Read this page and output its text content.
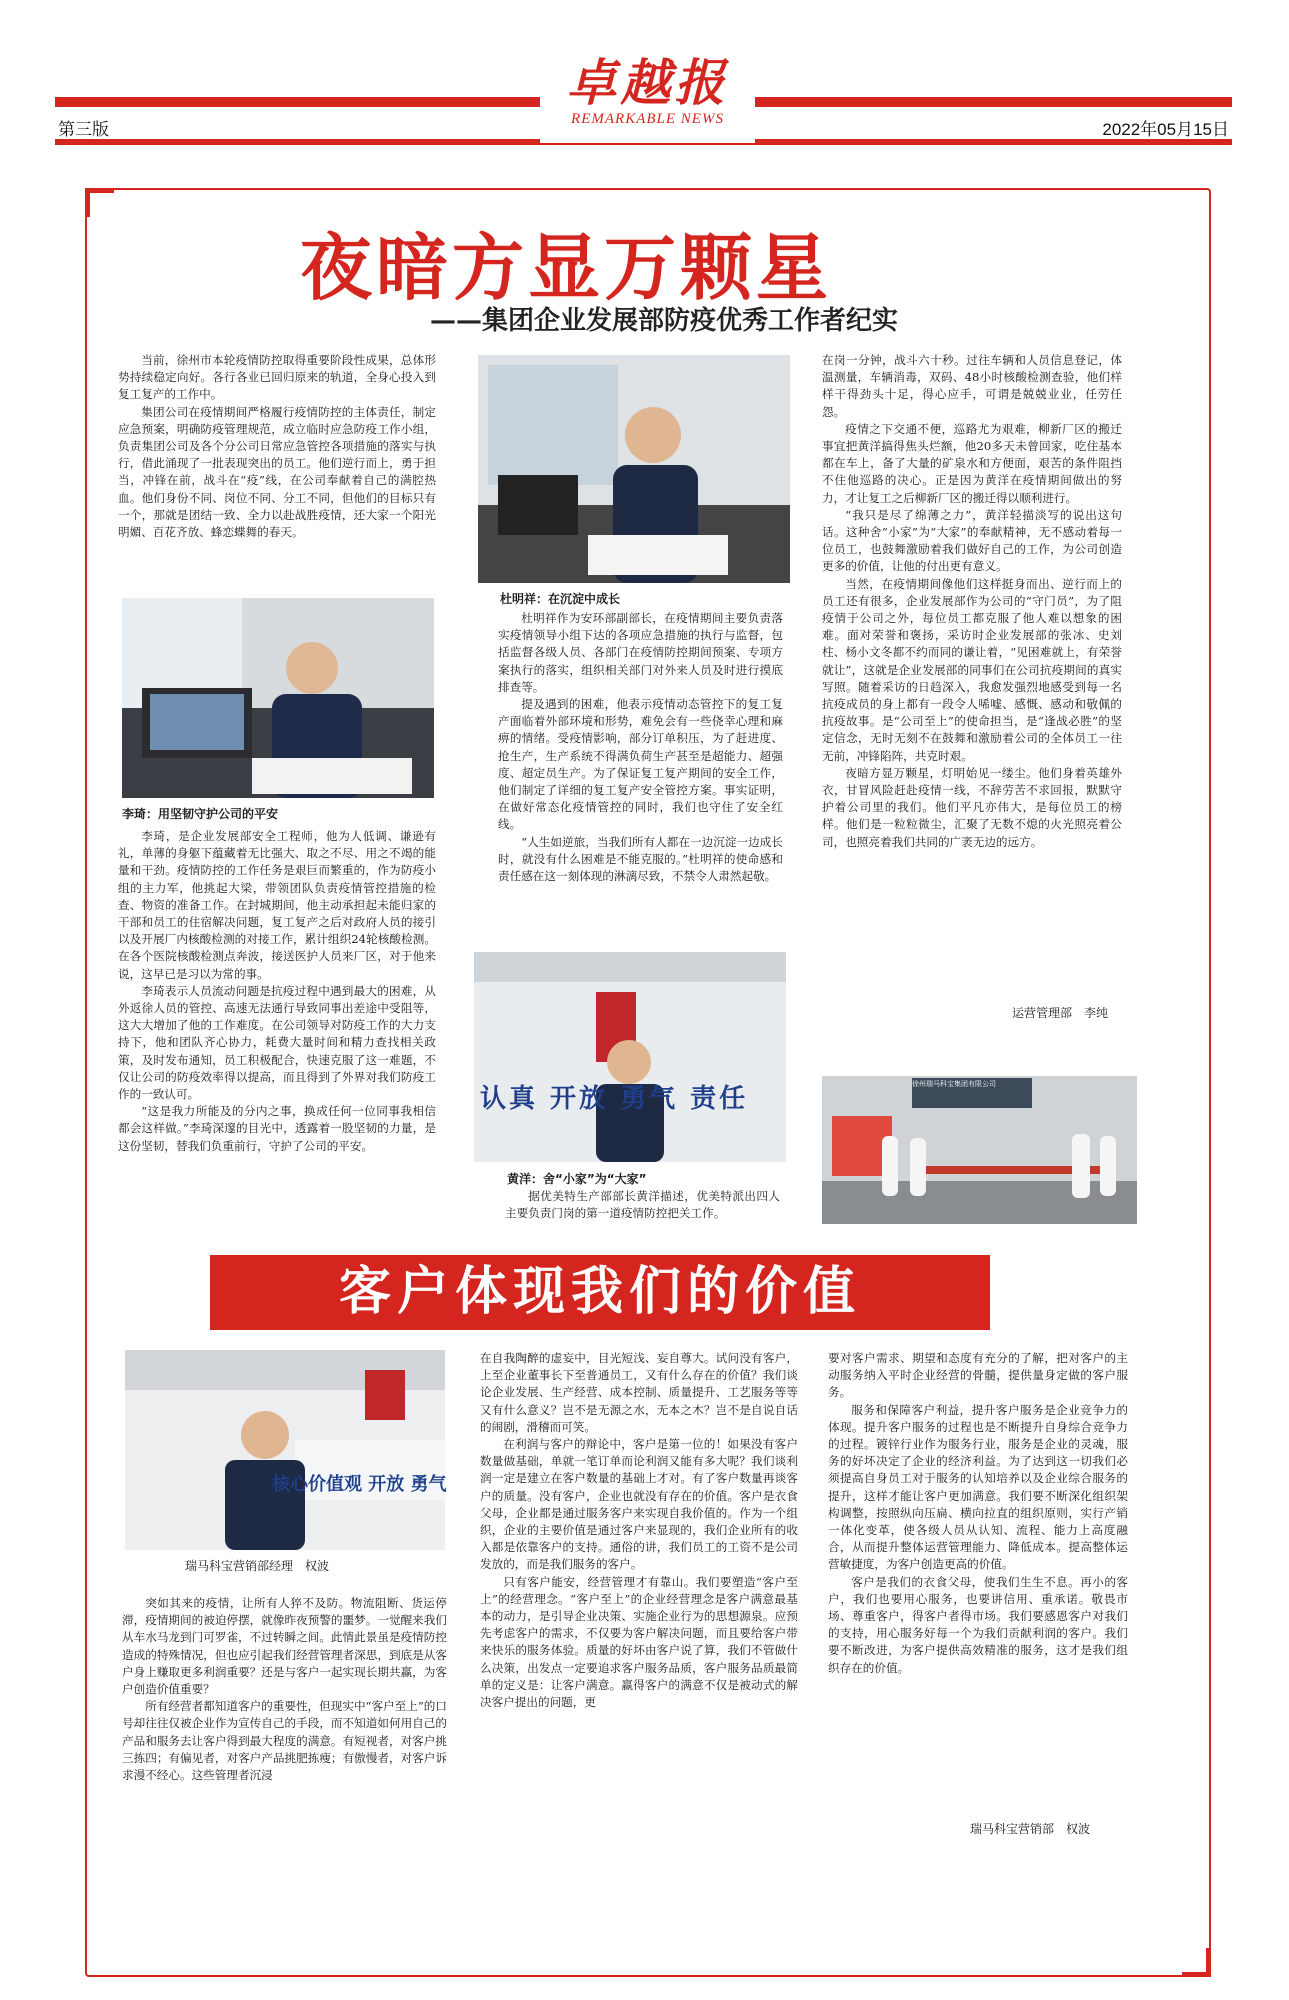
卓越报
REMARKABLE NEWS
第三版	2022年05月15日
夜暗方显万颗星
——集团企业发展部防疫优秀工作者纪实

当前，徐州市本轮疫情防控取得重要阶段性成果，总体形势持续稳定向好。各行各业已回归原来的轨道，全身心投入到复工复产的工作中。

集团公司在疫情期间严格履行疫情防控的主体责任，制定应急预案，明确防疫管理规范，成立临时应急防疫工作小组，负责集团公司及各个分公司日常应急管控各项措施的落实与执行，借此涌现了一批表现突出的员工。他们逆行而上，勇于担当，冲锋在前，战斗在“疫”线，在公司奉献着自己的满腔热血。他们身份不同、岗位不同、分工不同，但他们的目标只有一个，那就是团结一致、全力以赴战胜疫情，还大家一个阳光明媚、百花齐放、蜂恋蝶舞的春天。

李琦：用坚韧守护公司的平安

李琦，是企业发展部安全工程师，他为人低调、谦逊有礼，单薄的身躯下蕴藏着无比强大、取之不尽、用之不竭的能量和干劲。疫情防控的工作任务是艰巨而繁重的，作为防疫小组的主力军，他挑起大梁，带领团队负责疫情管控措施的检查、物资的准备工作。在封城期间，他主动承担起未能归家的干部和员工的住宿解决问题，复工复产之后对政府人员的接引以及开展厂内核酸检测的对接工作，累计组织24轮核酸检测。在各个医院核酸检测点奔波，接送医护人员来厂区，对于他来说，这早已是习以为常的事。

李琦表示人员流动问题是抗疫过程中遇到最大的困难，从外返徐人员的管控、高速无法通行导致同事出差途中受阻等，这大大增加了他的工作难度。在公司领导对防疫工作的大力支持下，他和团队齐心协力，耗费大量时间和精力查找相关政策，及时发布通知，员工积极配合，快速克服了这一难题，不仅让公司的防疫效率得以提高，而且得到了外界对我们防疫工作的一致认可。

“这是我力所能及的分内之事，换成任何一位同事我相信都会这样做。”李琦深邃的目光中，透露着一股坚韧的力量，是这份坚韧，替我们负重前行，守护了公司的平安。

杜明祥：在沉淀中成长

杜明祥作为安环部副部长，在疫情期间主要负责落实疫情领导小组下达的各项应急措施的执行与监督，包括监督各级人员、各部门在疫情防控期间预案、专项方案执行的落实，组织相关部门对外来人员及时进行摸底排查等。

提及遇到的困难，他表示疫情动态管控下的复工复产面临着外部环境和形势，难免会有一些侥幸心理和麻痹的情绪。受疫情影响，部分订单积压，为了赶进度、抢生产，生产系统不得满负荷生产甚至是超能力、超强度、超定员生产。为了保证复工复产期间的安全工作，他们制定了详细的复工复产安全管控方案。事实证明，在做好常态化疫情管控的同时，我们也守住了安全红线。

“人生如逆旅，当我们所有人都在一边沉淀一边成长时，就没有什么困难是不能克服的。”杜明祥的使命感和责任感在这一刻体现的淋漓尽致，不禁令人肃然起敬。

认真 开放 勇气 责任
黄洋：舍“小家”为“大家”

据优美特生产部部长黄洋描述，优美特派出四人主要负责门岗的第一道疫情防控把关工作。

在岗一分钟，战斗六十秒。过往车辆和人员信息登记，体温测量，车辆消毒，双码、48小时核酸检测查验，他们样样干得劲头十足，得心应手，可谓是兢兢业业，任劳任怨。

疫情之下交通不便，巡路尤为艰难，柳新厂区的搬迁事宜把黄洋搞得焦头烂额，他20多天未曾回家，吃住基本都在车上，备了大量的矿泉水和方便面，艰苦的条件阻挡不住他巡路的决心。正是因为黄洋在疫情期间做出的努力，才让复工之后柳新厂区的搬迁得以顺利进行。

“我只是尽了绵薄之力”，黄洋轻描淡写的说出这句话。这种舍“小家”为“大家”的奉献精神，无不感动着每一位员工，也鼓舞激励着我们做好自己的工作，为公司创造更多的价值，让他的付出更有意义。

当然，在疫情期间像他们这样挺身而出、逆行而上的员工还有很多，企业发展部作为公司的“守门员”，为了阻疫情于公司之外，每位员工都克服了他人难以想象的困难。面对荣誉和褒扬，采访时企业发展部的张冰、史刘柱、杨小文冬都不约而同的谦让着，“见困难就上，有荣誉就让”，这就是企业发展部的同事们在公司抗疫期间的真实写照。随着采访的日趋深入，我愈发强烈地感受到每一名抗疫成员的身上都有一段令人唏嘘、感慨、感动和敬佩的抗疫故事。是“公司至上”的使命担当，是“逢战必胜”的坚定信念，无时无刻不在鼓舞和激励着公司的全体员工一往无前，冲锋陷阵，共克时艰。

夜暗方显万颗星，灯明始见一缕尘。他们身着英雄外衣，甘冒风险赶赴疫情一线，不辞劳苦不求回报，默默守护着公司里的我们。他们平凡亦伟大，是每位员工的榜样。他们是一粒粒微尘，汇聚了无数不熄的火光照亮着公司，也照亮着我们共同的广袤无边的远方。

运营管理部　李纯
徐州瑞马科宝集团有限公司
客户体现我们的价值
核心价值观 开放 勇气
瑞马科宝营销部经理　权波

突如其来的疫情，让所有人猝不及防。物流阻断、货运停滞，疫情期间的被迫停摆，就像昨夜预警的噩梦。一觉醒来我们从车水马龙到门可罗雀，不过转瞬之间。此情此景虽是疫情防控造成的特殊情况，但也应引起我们经营管理者深思，到底是从客户身上赚取更多利润重要？还是与客户一起实现长期共赢，为客户创造价值重要？

所有经营者都知道客户的重要性，但现实中“客户至上”的口号却往往仅被企业作为宣传自己的手段，而不知道如何用自己的产品和服务去让客户得到最大程度的满意。有短视者，对客户挑三拣四；有偏见者，对客户产品挑肥拣瘦；有傲慢者，对客户诉求漫不经心。这些管理者沉浸

在自我陶醉的虚妄中，目光短浅、妄自尊大。试问没有客户，上至企业董事长下至普通员工，又有什么存在的价值？我们谈论企业发展、生产经营、成本控制、质量提升、工艺服务等等又有什么意义？岂不是无源之水，无本之木？岂不是自说自话的闹剧，滑稽而可笑。

在利润与客户的辩论中，客户是第一位的！如果没有客户数量做基础，单就一笔订单而论利润又能有多大呢？我们谈利润一定是建立在客户数量的基础上才对。有了客户数量再谈客户的质量。没有客户，企业也就没有存在的价值。客户是衣食父母，企业都是通过服务客户来实现自我价值的。作为一个组织，企业的主要价值是通过客户来显现的，我们企业所有的收入都是依靠客户的支持。通俗的讲，我们员工的工资不是公司发放的，而是我们服务的客户。

只有客户能安，经营管理才有靠山。我们要塑造“客户至上”的经营理念。“客户至上”的企业经营理念是客户满意最基本的动力，是引导企业决策、实施企业行为的思想源泉。应预先考虑客户的需求，不仅要为客户解决问题，而且要给客户带来快乐的服务体验。质量的好坏由客户说了算，我们不管做什么决策，出发点一定要追求客户服务品质，客户服务品质最简单的定义是：让客户满意。赢得客户的满意不仅是被动式的解决客户提出的问题，更

要对客户需求、期望和态度有充分的了解，把对客户的主动服务纳入平时企业经营的骨髓，提供量身定做的客户服务。

服务和保障客户利益，提升客户服务是企业竞争力的体现。提升客户服务的过程也是不断提升自身综合竞争力的过程。镀锌行业作为服务行业，服务是企业的灵魂，服务的好坏决定了企业的经济利益。为了达到这一切我们必须提高自身员工对于服务的认知培养以及企业综合服务的提升，这样才能让客户更加满意。我们要不断深化组织架构调整，按照纵向压扁、横向拉直的组织原则，实行产销一体化变革，使各级人员从认知、流程、能力上高度融合，从而提升整体运营管理能力、降低成本。提高整体运营敏捷度，为客户创造更高的价值。

客户是我们的衣食父母，使我们生生不息。再小的客户，我们也要用心服务，也要讲信用、重承诺。敬畏市场、尊重客户，得客户者得市场。我们要感恩客户对我们的支持，用心服务好每一个为我们贡献利润的客户。我们要不断改进，为客户提供高效精准的服务，这才是我们组织存在的价值。

瑞马科宝营销部　权波
